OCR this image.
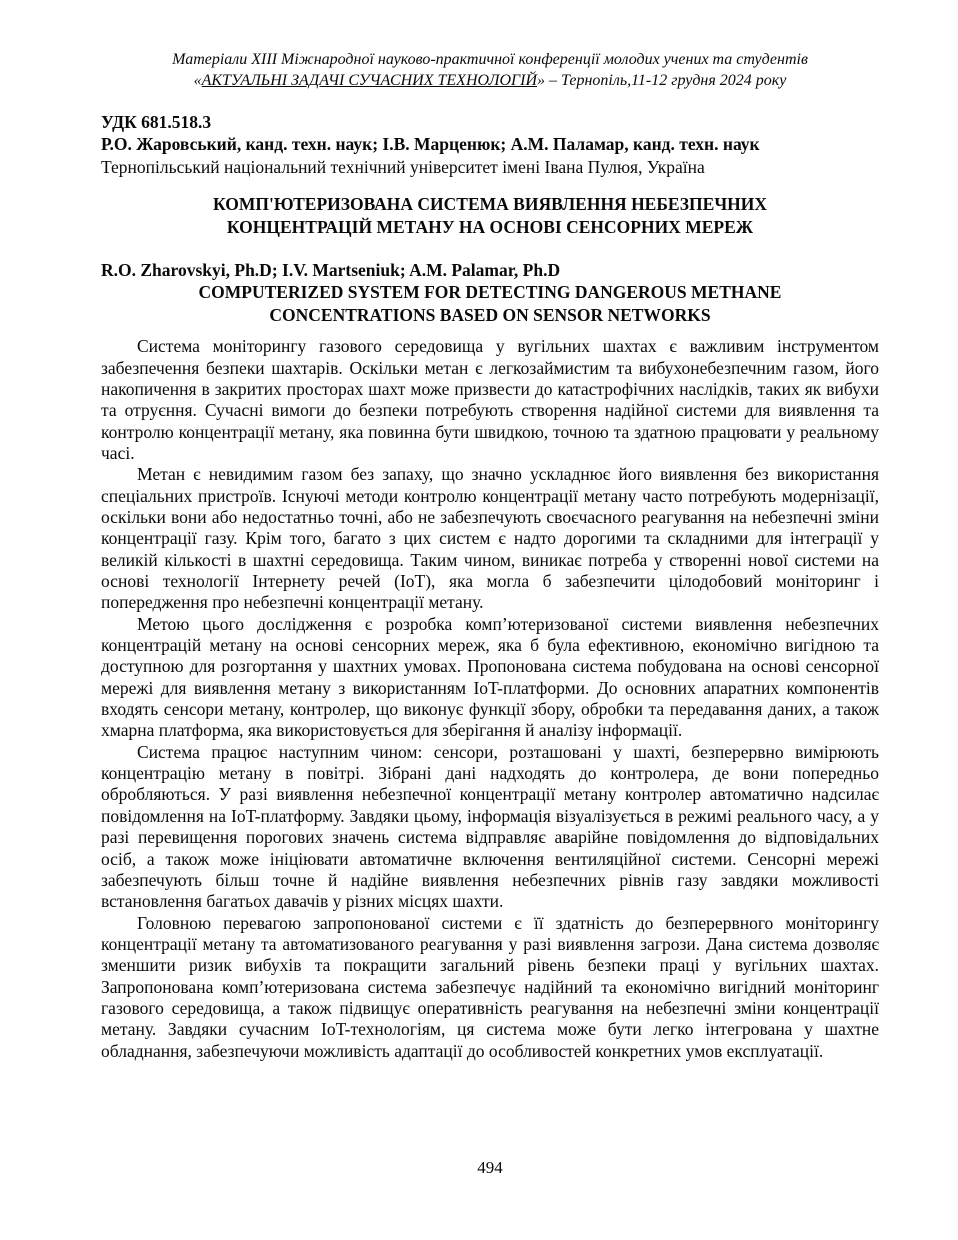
Матеріали XIII Міжнародної науково-практичної конференції молодих учених та студентів
«АКТУАЛЬНІ ЗАДАЧІ СУЧАСНИХ ТЕХНОЛОГІЙ» – Тернопіль,11-12 грудня 2024 року
УДК 681.518.3
Р.О. Жаровський, канд. техн. наук; І.В. Марценюк; А.М. Паламар, канд. техн. наук
Тернопільський національний технічний університет імені Івана Пулюя, Україна
КОМП'ЮТЕРИЗОВАНА СИСТЕМА ВИЯВЛЕННЯ НЕБЕЗПЕЧНИХ
КОНЦЕНТРАЦІЙ МЕТАНУ НА ОСНОВІ СЕНСОРНИХ МЕРЕЖ
R.O. Zharovskyi, Ph.D; I.V. Martseniuk; A.M. Palamar, Ph.D
COMPUTERIZED SYSTEM FOR DETECTING DANGEROUS METHANE
CONCENTRATIONS BASED ON SENSOR NETWORKS

Система моніторингу газового середовища у вугільних шахтах є важливим інструментом забезпечення безпеки шахтарів. Оскільки метан є легкозаймистим та вибухонебезпечним газом, його накопичення в закритих просторах шахт може призвести до катастрофічних наслідків, таких як вибухи та отруєння. Сучасні вимоги до безпеки потребують створення надійної системи для виявлення та контролю концентрації метану, яка повинна бути швидкою, точною та здатною працювати у реальному часі.

Метан є невидимим газом без запаху, що значно ускладнює його виявлення без використання спеціальних пристроїв. Існуючі методи контролю концентрації метану часто потребують модернізації, оскільки вони або недостатньо точні, або не забезпечують своєчасного реагування на небезпечні зміни концентрації газу. Крім того, багато з цих систем є надто дорогими та складними для інтеграції у великій кількості в шахтні середовища. Таким чином, виникає потреба у створенні нової системи на основі технології Інтернету речей (IoT), яка могла б забезпечити цілодобовий моніторинг і попередження про небезпечні концентрації метану.

Метою цього дослідження є розробка комп’ютеризованої системи виявлення небезпечних концентрацій метану на основі сенсорних мереж, яка б була ефективною, економічно вигідною та доступною для розгортання у шахтних умовах. Пропонована система побудована на основі сенсорної мережі для виявлення метану з використанням IoT-платформи. До основних апаратних компонентів входять сенсори метану, контролер, що виконує функції збору, обробки та передавання даних, а також хмарна платформа, яка використовується для зберігання й аналізу інформації.

Система працює наступним чином: сенсори, розташовані у шахті, безперервно вимірюють концентрацію метану в повітрі. Зібрані дані надходять до контролера, де вони попередньо обробляються. У разі виявлення небезпечної концентрації метану контролер автоматично надсилає повідомлення на IoT-платформу. Завдяки цьому, інформація візуалізується в режимі реального часу, а у разі перевищення порогових значень система відправляє аварійне повідомлення до відповідальних осіб, а також може ініціювати автоматичне включення вентиляційної системи. Сенсорні мережі забезпечують більш точне й надійне виявлення небезпечних рівнів газу завдяки можливості встановлення багатьох давачів у різних місцях шахти.

Головною перевагою запропонованої системи є її здатність до безперервного моніторингу концентрації метану та автоматизованого реагування у разі виявлення загрози. Дана система дозволяє зменшити ризик вибухів та покращити загальний рівень безпеки праці у вугільних шахтах. Запропонована комп’ютеризована система забезпечує надійний та економічно вигідний моніторинг газового середовища, а також підвищує оперативність реагування на небезпечні зміни концентрації метану. Завдяки сучасним IoT-технологіям, ця система може бути легко інтегрована у шахтне обладнання, забезпечуючи можливість адаптації до особливостей конкретних умов експлуатації.

494
